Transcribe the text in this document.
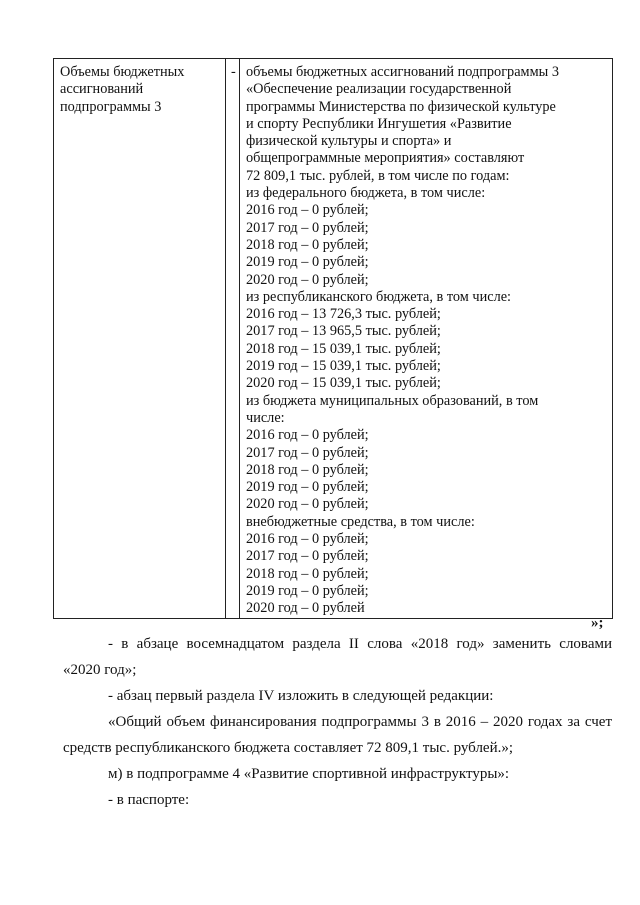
Объемы бюджетных
ассигнований
подпрограммы 3
	-	объемы бюджетных ассигнований подпрограммы 3
«Обеспечение реализации государственной
программы Министерства по физической культуре
и спорту Республики Ингушетия «Развитие
физической культуры и спорта» и
общепрограммные мероприятия» составляют
72 809,1 тыс. рублей, в том числе по годам:
из федерального бюджета, в том числе:
2016 год – 0 рублей;
2017 год – 0 рублей;
2018 год – 0 рублей;
2019 год – 0 рублей;
2020 год – 0 рублей;
из республиканского бюджета, в том числе:
2016 год – 13 726,3 тыс. рублей;
2017 год – 13 965,5 тыс. рублей;
2018 год – 15 039,1 тыс. рублей;
2019 год – 15 039,1 тыс. рублей;
2020 год – 15 039,1 тыс. рублей;
из бюджета муниципальных образований, в том
числе:
2016 год – 0 рублей;
2017 год – 0 рублей;
2018 год – 0 рублей;
2019 год – 0 рублей;
2020 год – 0 рублей;
внебюджетные средства, в том числе:
2016 год – 0 рублей;
2017 год – 0 рублей;
2018 год – 0 рублей;
2019 год – 0 рублей;
2020 год – 0 рублей
»;

- в абзаце восемнадцатом раздела II слова «2018 год» заменить словами

«2020 год»;

- абзац первый раздела IV изложить в следующей редакции:

«Общий объем финансирования подпрограммы 3 в 2016 – 2020 годах за счет

средств республиканского бюджета составляет 72 809,1 тыс. рублей.»;

м) в подпрограмме 4 «Развитие спортивной инфраструктуры»:

- в паспорте:
